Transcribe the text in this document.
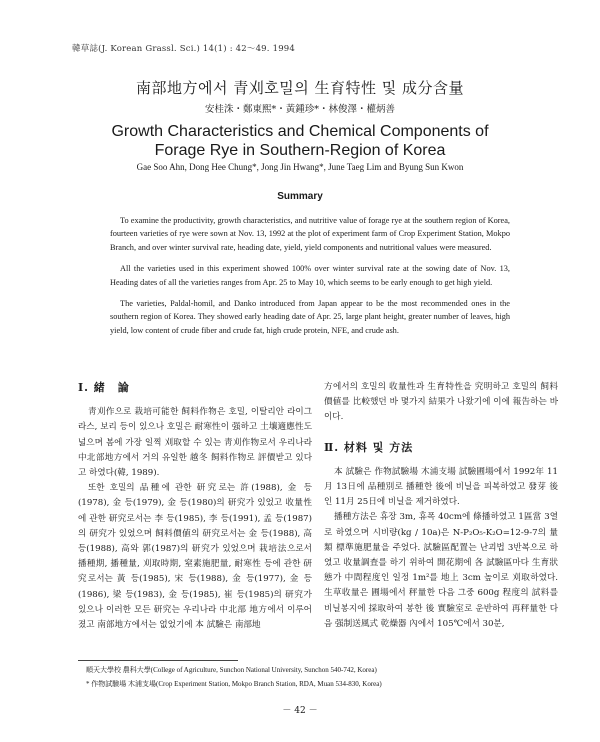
韓草誌(J. Korean Grassl. Sci.) 14(1) : 42～49. 1994
南部地方에서 青刈호밀의 生育特性 및 成分含量
安桂洙・鄭東熙*・黃鍾珍*・林俊澤・權炳善
Growth Characteristics and Chemical Components of
Forage Rye in Southern-Region of Korea
Gae Soo Ahn, Dong Hee Chung*, Jong Jin Hwang*, June Taeg Lim and Byung Sun Kwon
Summary

To examine the productivity, growth characteristics, and nutritive value of forage rye at the southern region of Korea, fourteen varieties of rye were sown at Nov. 13, 1992 at the plot of experiment farm of Crop Experiment Station, Mokpo Branch, and over winter survival rate, heading date, yield, yield components and nutritional values were measured.

All the varieties used in this experiment showed 100% over winter survival rate at the sowing date of Nov. 13, Heading dates of all the varieties ranges from Apr. 25 to May 10, which seems to be early enough to get high yield.

The varieties, Paldal-homil, and Danko introduced from Japan appear to be the most recommended ones in the southern region of Korea. They showed early heading date of Apr. 25, large plant height, greater number of leaves, high yield, low content of crude fiber and crude fat, high crude protein, NFE, and crude ash.

Ⅰ. 緒　論

靑刈作으로 栽培可能한 飼料作物은 호밀, 이탈리안 라이그라스, 보리 등이 있으나 호밀은 耐寒性이 强하고 土壤適應性도 넓으며 봄에 가장 일찍 刈取할 수 있는 靑刈作物로서 우리나라 中北部地方에서 거의 유일한 越冬 飼料作物로 評價받고 있다고 하였다(韓, 1989).

또한 호밀의 品種에 관한 研究로는 許(1988), 金 등(1978), 金 등(1979), 金 등(1980)의 研究가 있었고 收量性에 관한 研究로서는 李 등(1985), 李 등(1991), 孟 등(1987)의 研究가 있었으며 飼料價値의 研究로서는 金 등(1988), 高 등(1988), 高와 郭(1987)의 研究가 있었으며 栽培法으로서 播種期, 播種量, 刈取時期, 窒素施肥量, 耐寒性 등에 관한 研究로서는 黃 등(1985), 宋 등(1988), 金 등(1977), 金 등(1986), 梁 등(1983), 金 등(1985), 崔 등(1985)의 研究가 있으나 이러한 모든 研究는 우리나라 中北部 地方에서 이루어졌고 南部地方에서는 없었기에 本 試驗은 南部地

方에서의 호밀의 收量性과 生育特性을 究明하고 호밀의 飼料價値를 比較했던 바 몇가지 結果가 나왔기에 이에 報告하는 바이다.

Ⅱ. 材料 및 方法

本 試驗은 作物試驗場 木浦支場 試驗圃場에서 1992年 11月 13日에 品種別로 播種한 後에 비닐을 피복하였고 發芽 後인 11月 25日에 비닐을 제거하였다.

播種方法은 휴장 3m, 휴폭 40cm에 條播하였고 1區當 3열로 하였으며 시비량(kg / 10a)은 N-P₂O₅-K₂O=12-9-7의 量類 標準施肥量을 주었다. 試驗區配置는 난괴법 3반복으로 하였고 收量調査를 하기 위하여 開花期에 各 試驗區마다 生育狀態가 中間程度인 일정 1m²를 地上 3cm 높이로 刈取하였다. 生草收量은 圃場에서 秤量한 다음 그중 600g 程度의 試料를 비닐봉지에 採取하여 봉한 後 實驗室로 운반하여 再秤量한 다음 强制送風式 乾燥器 內에서 105℃에서 30분,

順天大學校 農科大學(College of Agriculture, Sunchon National University, Sunchon 540-742, Korea)
* 作物試驗場 木浦支場(Crop Experiment Station, Mokpo Branch Station, RDA, Muan 534-830, Korea)
－ 42 －
